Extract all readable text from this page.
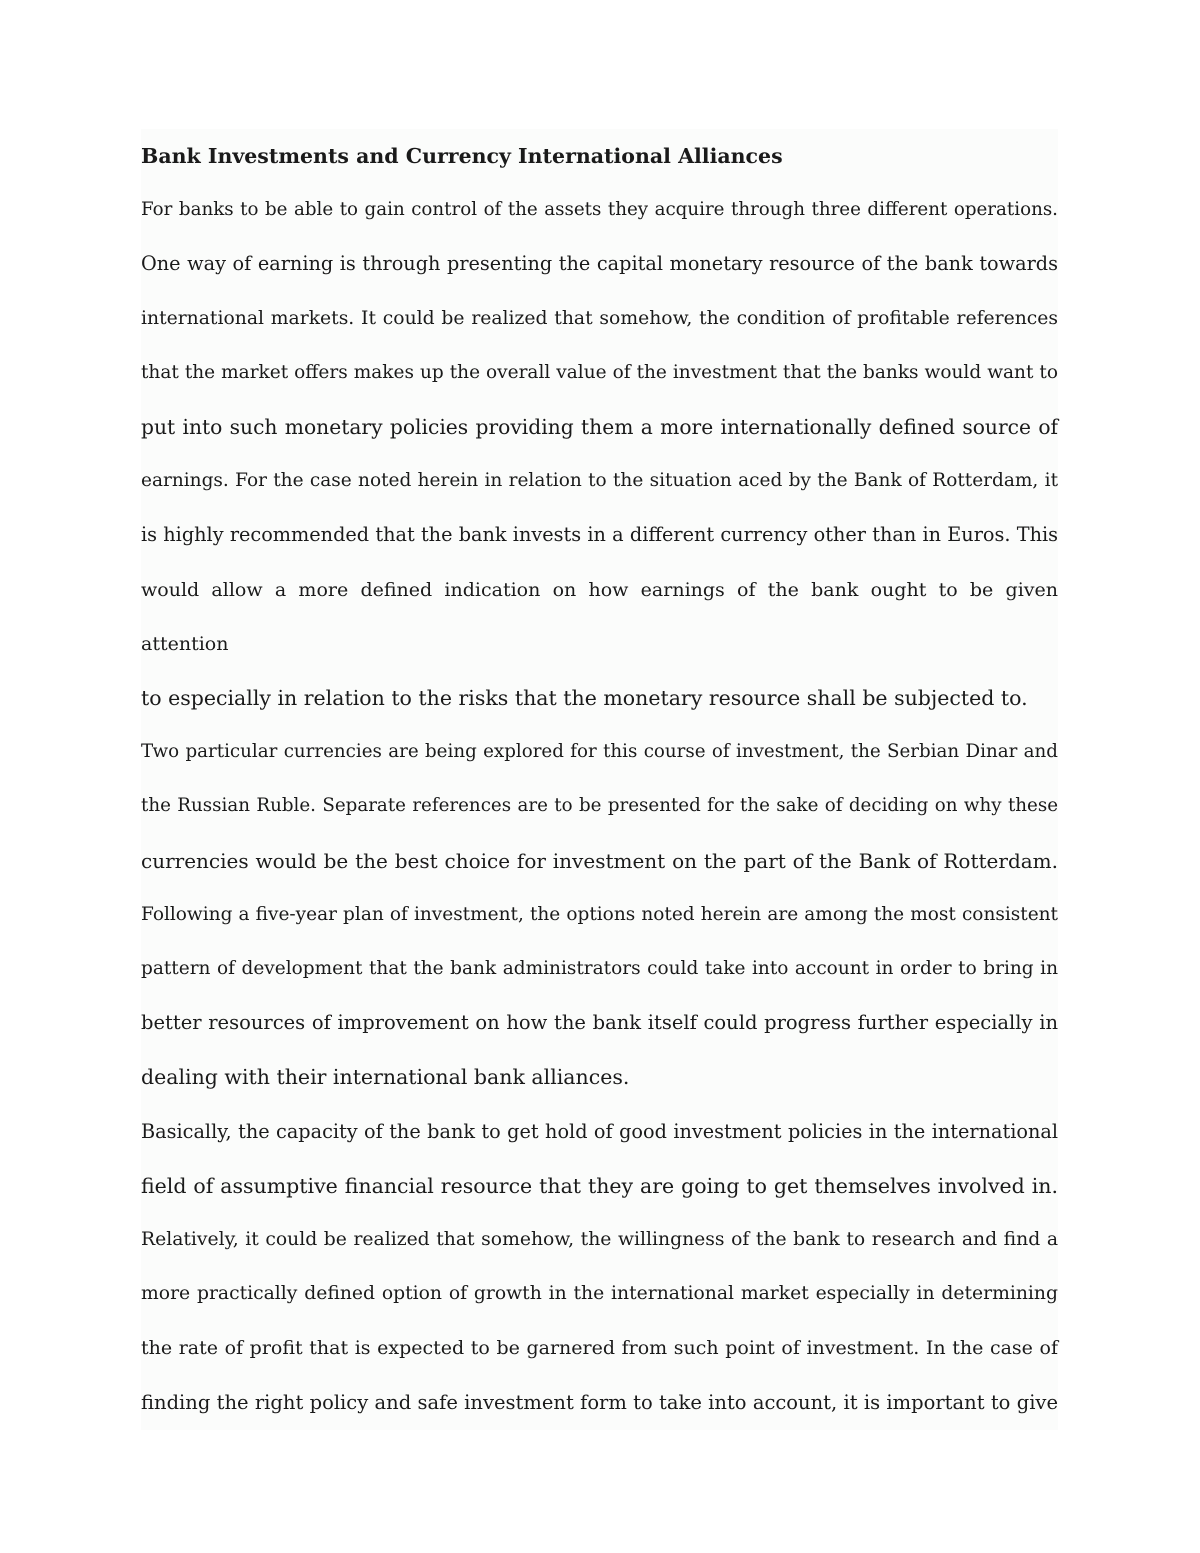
Bank Investments and Currency International Alliances

For banks to be able to gain control of the assets they acquire through three different operations.
One way of earning is through presenting the capital monetary resource of the bank towards
international markets. It could be realized that somehow, the condition of profitable references
that the market offers makes up the overall value of the investment that the banks would want to
put into such monetary policies providing them a more internationally defined source of
earnings. For the case noted herein in relation to the situation aced by the Bank of Rotterdam, it
is highly recommended that the bank invests in a different currency other than in Euros. This
would allow a more defined indication on how earnings of the bank ought to be given attention
to especially in relation to the risks that the monetary resource shall be subjected to.
Two particular currencies are being explored for this course of investment, the Serbian Dinar and
the Russian Ruble. Separate references are to be presented for the sake of deciding on why these
currencies would be the best choice for investment on the part of the Bank of Rotterdam.
Following a five-year plan of investment, the options noted herein are among the most consistent
pattern of development that the bank administrators could take into account in order to bring in
better resources of improvement on how the bank itself could progress further especially in
dealing with their international bank alliances.
Basically, the capacity of the bank to get hold of good investment policies in the international
field of assumptive financial resource that they are going to get themselves involved in.
Relatively, it could be realized that somehow, the willingness of the bank to research and find a
more practically defined option of growth in the international market especially in determining
the rate of profit that is expected to be garnered from such point of investment. In the case of
finding the right policy and safe investment form to take into account, it is important to give
